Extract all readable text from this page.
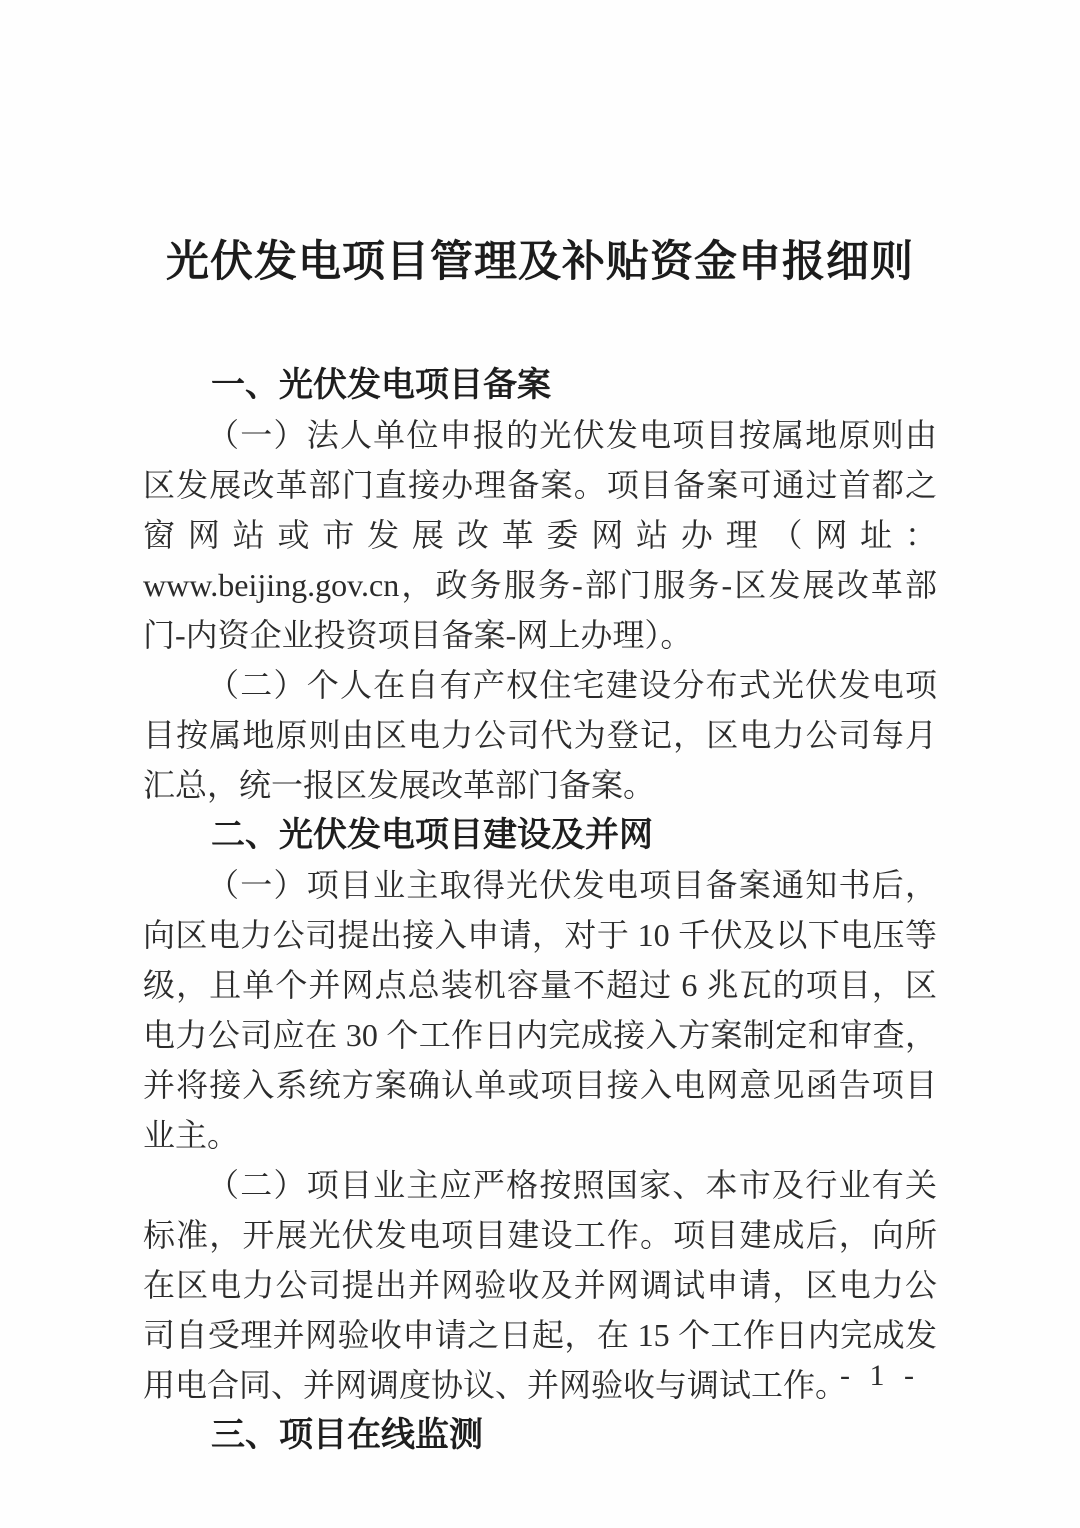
光伏发电项目管理及补贴资金申报细则
一、光伏发电项目备案

（一）法人单位申报的光伏发电项目按属地原则由区发展改革部门直接办理备案。项目备案可通过首都之窗网站或市发展改革委网站办理（网址：www.beijing.gov.cn，政务服务-部门服务-区发展改革部门-内资企业投资项目备案-网上办理）。

（二）个人在自有产权住宅建设分布式光伏发电项目按属地原则由区电力公司代为登记，区电力公司每月汇总，统一报区发展改革部门备案。

二、光伏发电项目建设及并网

（一）项目业主取得光伏发电项目备案通知书后，向区电力公司提出接入申请，对于 10 千伏及以下电压等级，且单个并网点总装机容量不超过 6 兆瓦的项目，区电力公司应在 30 个工作日内完成接入方案制定和审查，并将接入系统方案确认单或项目接入电网意见函告项目业主。

（二）项目业主应严格按照国家、本市及行业有关标准，开展光伏发电项目建设工作。项目建成后，向所在区电力公司提出并网验收及并网调试申请，区电力公司自受理并网验收申请之日起，在 15 个工作日内完成发用电合同、并网调度协议、并网验收与调试工作。

三、项目在线监测
- 1 -
